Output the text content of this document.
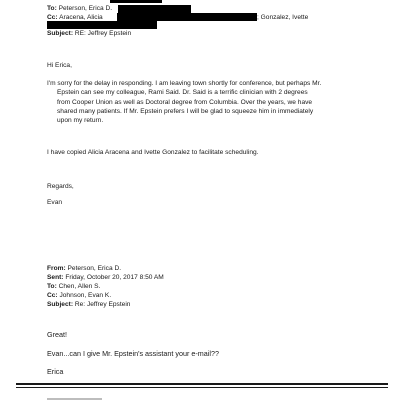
To: Peterson, Erica D.
Cc: Aracena, Alicia	; Gonzalez, Ivette
Subject: RE: Jeffrey Epstein
Hi Erica,
I'm sorry for the delay in responding. I am leaving town shortly for conference, but perhaps Mr.
Epstein can see my colleague, Rami Said. Dr. Said is a terrific clinician with 2 degrees
from Cooper Union as well as Doctoral degree from Columbia. Over the years, we have
shared many patients. If Mr. Epstein prefers I will be glad to squeeze him in immediately
upon my return.
I have copied Alicia Aracena and Ivette Gonzalez to facilitate scheduling.
Regards,
Evan
From: Peterson, Erica D.
Sent: Friday, October 20, 2017 8:50 AM
To: Chen, Allen S.
Cc: Johnson, Evan K.
Subject: Re: Jeffrey Epstein
Great!
Evan...can I give Mr. Epstein's assistant your e-mail??
Erica
